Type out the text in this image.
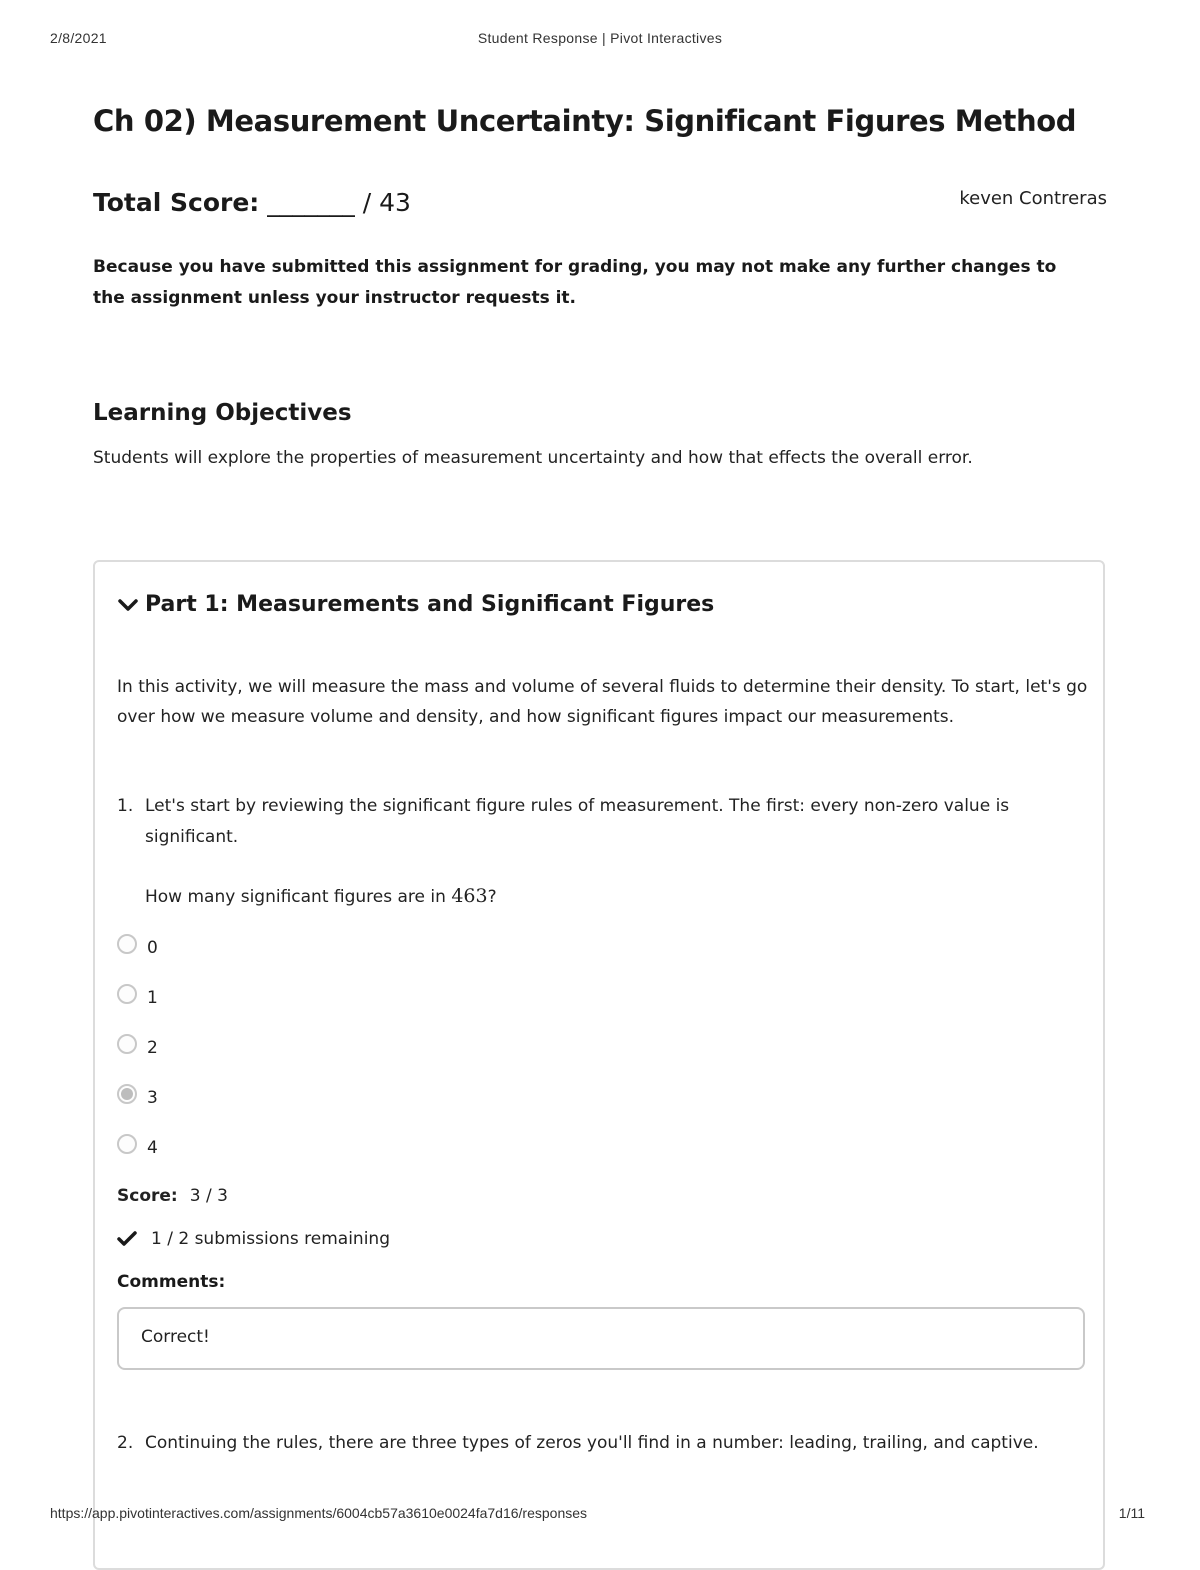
2/8/2021	Student Response | Pivot Interactives
Ch 02) Measurement Uncertainty: Significant Figures Method
Total Score: _______ / 43	keven Contreras
Because you have submitted this assignment for grading, you may not make any further changes to the assignment unless your instructor requests it.
Learning Objectives
Students will explore the properties of measurement uncertainty and how that effects the overall error.
Part 1: Measurements and Significant Figures
In this activity, we will measure the mass and volume of several fluids to determine their density. To start, let's go over how we measure volume and density, and how significant figures impact our measurements.
1. Let's start by reviewing the significant figure rules of measurement. The first: every non-zero value is significant.
How many significant figures are in 463?
0
1
2
3
4
Score: 3 / 3
1 / 2 submissions remaining
Comments:
Correct!
2. Continuing the rules, there are three types of zeros you'll find in a number: leading, trailing, and captive.
https://app.pivotinteractives.com/assignments/6004cb57a3610e0024fa7d16/responses	1/11
